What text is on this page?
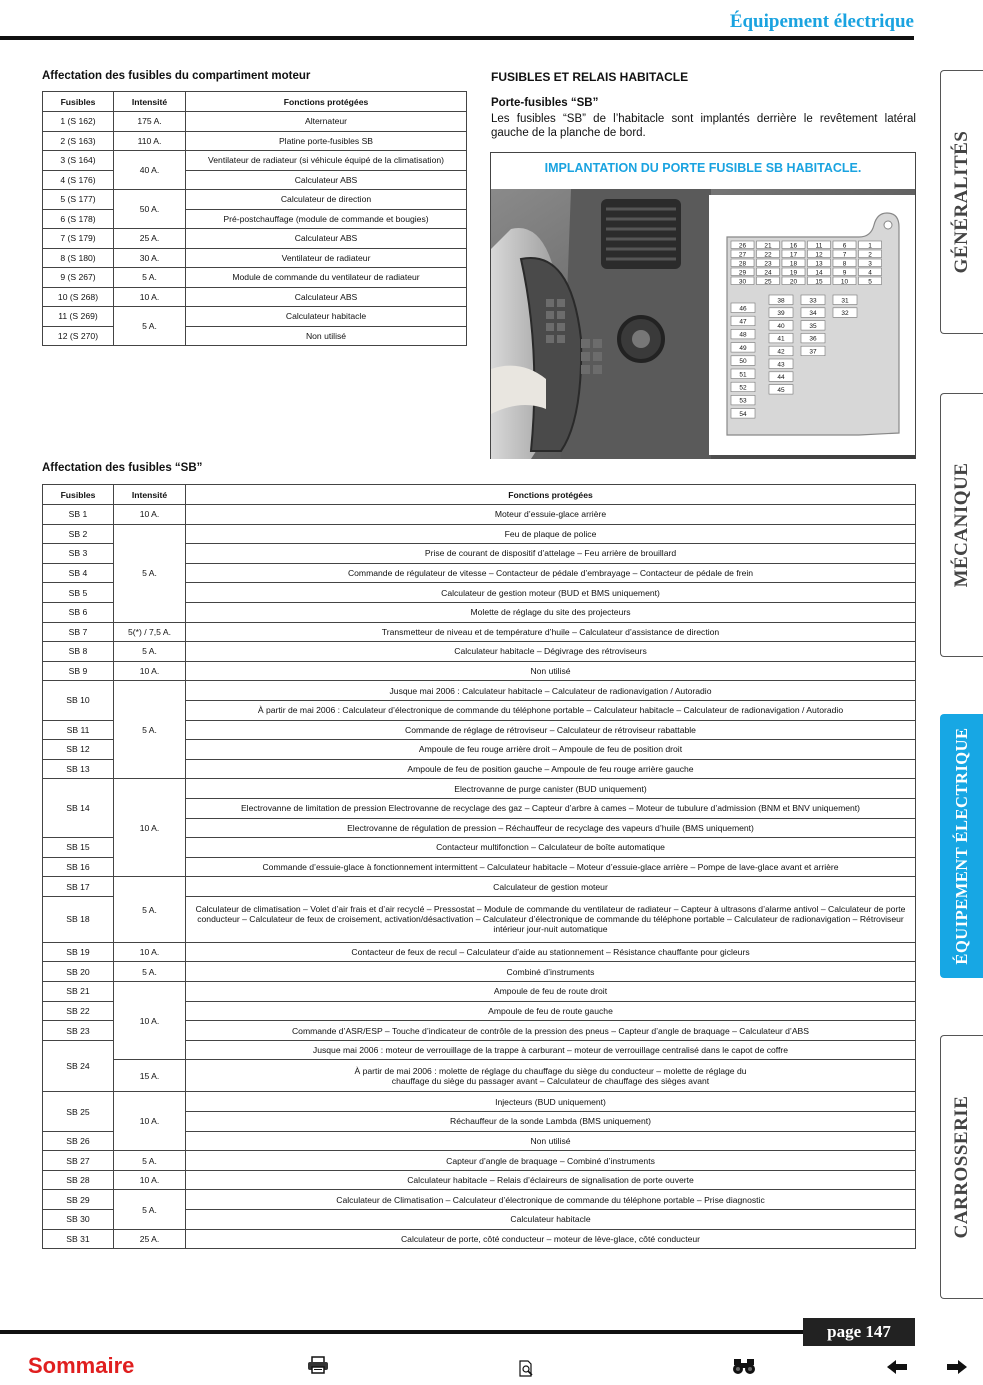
Équipement électrique
Affectation des fusibles du compartiment moteur
Fusibles	Intensité	Fonctions protégées
1 (S 162)	175 A.	Alternateur
2 (S 163)	110 A.	Platine porte-fusibles SB
3 (S 164)	40 A.	Ventilateur de radiateur (si véhicule équipé de la climatisation)
4 (S 176)		Calculateur ABS
5 (S 177)	50 A.	Calculateur de direction
6 (S 178)		Pré-postchauffage (module de commande et bougies)
7 (S 179)	25 A.	Calculateur ABS
8 (S 180)	30 A.	Ventilateur de radiateur
9 (S 267)	5 A.	Module de commande du ventilateur de radiateur
10 (S 268)	10 A.	Calculateur ABS
11 (S 269)	5 A.	Calculateur habitacle
12 (S 270)		Non utilisé
FUSIBLES ET RELAIS HABITACLE
Porte-fusibles “SB”
Les fusibles “SB” de l’habitacle sont implantés derrière le revêtement latéral gauche de la planche de bord.
IMPLANTATION DU PORTE FUSIBLE SB HABITACLE.
26	21	16	11	6	1
27	22	17	12	7	2
28	23	18	13	8	3
29	24	19	14	9	4
30	25	20	15	10	5
38	33	31
39	34	32
40	35
41	36
42	37
43
44
45
46
47
48
49
50
51
52
53
54
Affectation des fusibles “SB”
Fusibles	Intensité	Fonctions protégées
SB 1	10 A.	Moteur d’essuie-glace arrière
SB 2	5 A.	Feu de plaque de police
SB 3		Prise de courant de dispositif d’attelage – Feu arrière de brouillard
SB 4		Commande de régulateur de vitesse – Contacteur de pédale d’embrayage – Contacteur de pédale de frein
SB 5		Calculateur de gestion moteur (BUD et BMS uniquement)
SB 6		Molette de réglage du site des projecteurs
SB 7	5(*) / 7,5 A.	Transmetteur de niveau et de température d’huile – Calculateur d’assistance de direction
SB 8	5 A.	Calculateur habitacle – Dégivrage des rétroviseurs
SB 9	10 A.	Non utilisé
SB 10	5 A.	Jusque mai 2006 : Calculateur habitacle – Calculateur de radionavigation / Autoradio
		À partir de mai 2006 : Calculateur d’électronique de commande du téléphone portable – Calculateur habitacle – Calculateur de radionavigation / Autoradio
SB 11		Commande de réglage de rétroviseur – Calculateur de rétroviseur rabattable
SB 12		Ampoule de feu rouge arrière droit – Ampoule de feu de position droit
SB 13		Ampoule de feu de position gauche – Ampoule de feu rouge arrière gauche
SB 14	10 A.	Electrovanne de purge canister (BUD uniquement)
		Electrovanne de limitation de pression Electrovanne de recyclage des gaz – Capteur d’arbre à cames – Moteur de tubulure d’admission (BNM et BNV uniquement)
		Electrovanne de régulation de pression – Réchauffeur de recyclage des vapeurs d’huile (BMS uniquement)
SB 15		Contacteur multifonction – Calculateur de boîte automatique
SB 16		Commande d’essuie-glace à fonctionnement intermittent – Calculateur habitacle – Moteur d’essuie-glace arrière – Pompe de lave-glace avant et arrière
SB 17	5 A.	Calculateur de gestion moteur
SB 18		Calculateur de climatisation – Volet d’air frais et d’air recyclé – Pressostat – Module de commande du ventilateur de radiateur – Capteur à ultrasons d’alarme antivol – Calculateur de porte conducteur – Calculateur de feux de croisement, activation/désactivation – Calculateur d’électronique de commande du téléphone portable – Calculateur de radionavigation – Rétroviseur intérieur jour-nuit automatique
SB 19	10 A.	Contacteur de feux de recul – Calculateur d’aide au stationnement – Résistance chauffante pour gicleurs
SB 20	5 A.	Combiné d’instruments
SB 21	10 A.	Ampoule de feu de route droit
SB 22		Ampoule de feu de route gauche
SB 23		Commande d’ASR/ESP – Touche d’indicateur de contrôle de la pression des pneus – Capteur d’angle de braquage – Calculateur d’ABS
SB 24		Jusque mai 2006 : moteur de verrouillage de la trappe à carburant – moteur de verrouillage centralisé dans le capot de coffre
	15 A.	À partir de mai 2006 : molette de réglage du chauffage du siège du conducteur – molette de réglage du chauffage du siège du passager avant – Calculateur de chauffage des sièges avant
SB 25	10 A.	Injecteurs (BUD uniquement)
		Réchauffeur de la sonde Lambda (BMS uniquement)
SB 26		Non utilisé
SB 27	5 A.	Capteur d’angle de braquage – Combiné d’instruments
SB 28	10 A.	Calculateur habitacle – Relais d’éclaireurs de signalisation de porte ouverte
SB 29	5 A.	Calculateur de Climatisation – Calculateur d’électronique de commande du téléphone portable – Prise diagnostic
SB 30		Calculateur habitacle
SB 31	25 A.	Calculateur de porte, côté conducteur – moteur de lève-glace, côté conducteur
GÉNÉRALITÉS
MÉCANIQUE
ÉQUIPEMENT ÉLECTRIQUE
CARROSSERIE
page 147
Sommaire
